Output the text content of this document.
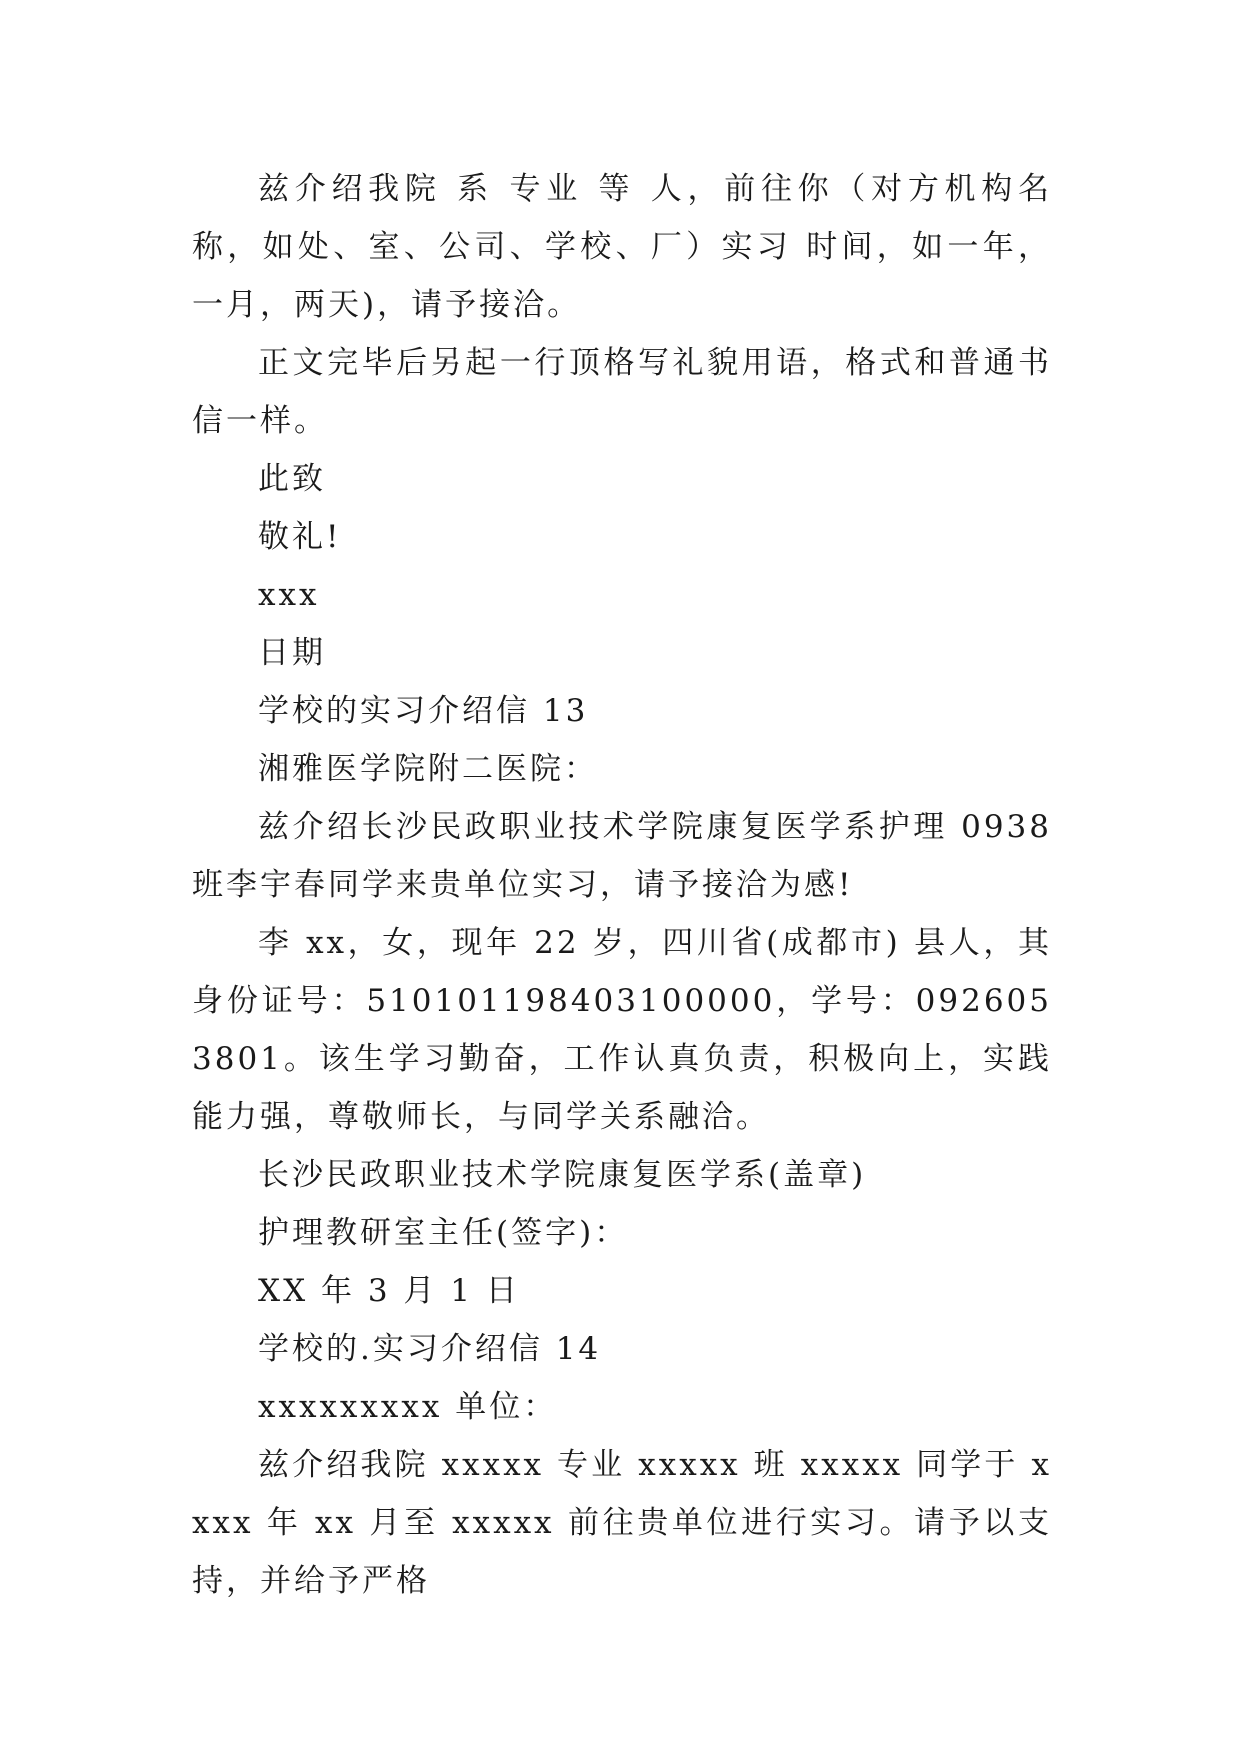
兹介绍我院 系 专业 等 人，前往你（对方机构名称，如处、室、公司、学校、厂）实习 时间，如一年，一月，两天)，请予接洽。

正文完毕后另起一行顶格写礼貌用语，格式和普通书信一样。

此致

敬礼!

xxx

日期

学校的实习介绍信 13

湘雅医学院附二医院：

兹介绍长沙民政职业技术学院康复医学系护理 0938 班李宇春同学来贵单位实习，请予接洽为感!

李 xx，女，现年 22 岁，四川省(成都市) 县人，其身份证号：510101198403100000，学号：0926053801。该生学习勤奋，工作认真负责，积极向上，实践能力强，尊敬师长，与同学关系融洽。

长沙民政职业技术学院康复医学系(盖章)

护理教研室主任(签字)：

XX 年 3 月 1 日

学校的.实习介绍信 14

xxxxxxxxx 单位：

兹介绍我院 xxxxx 专业 xxxxx 班 xxxxx 同学于 xxxx 年 xx 月至 xxxxx 前往贵单位进行实习。请予以支持，并给予严格
